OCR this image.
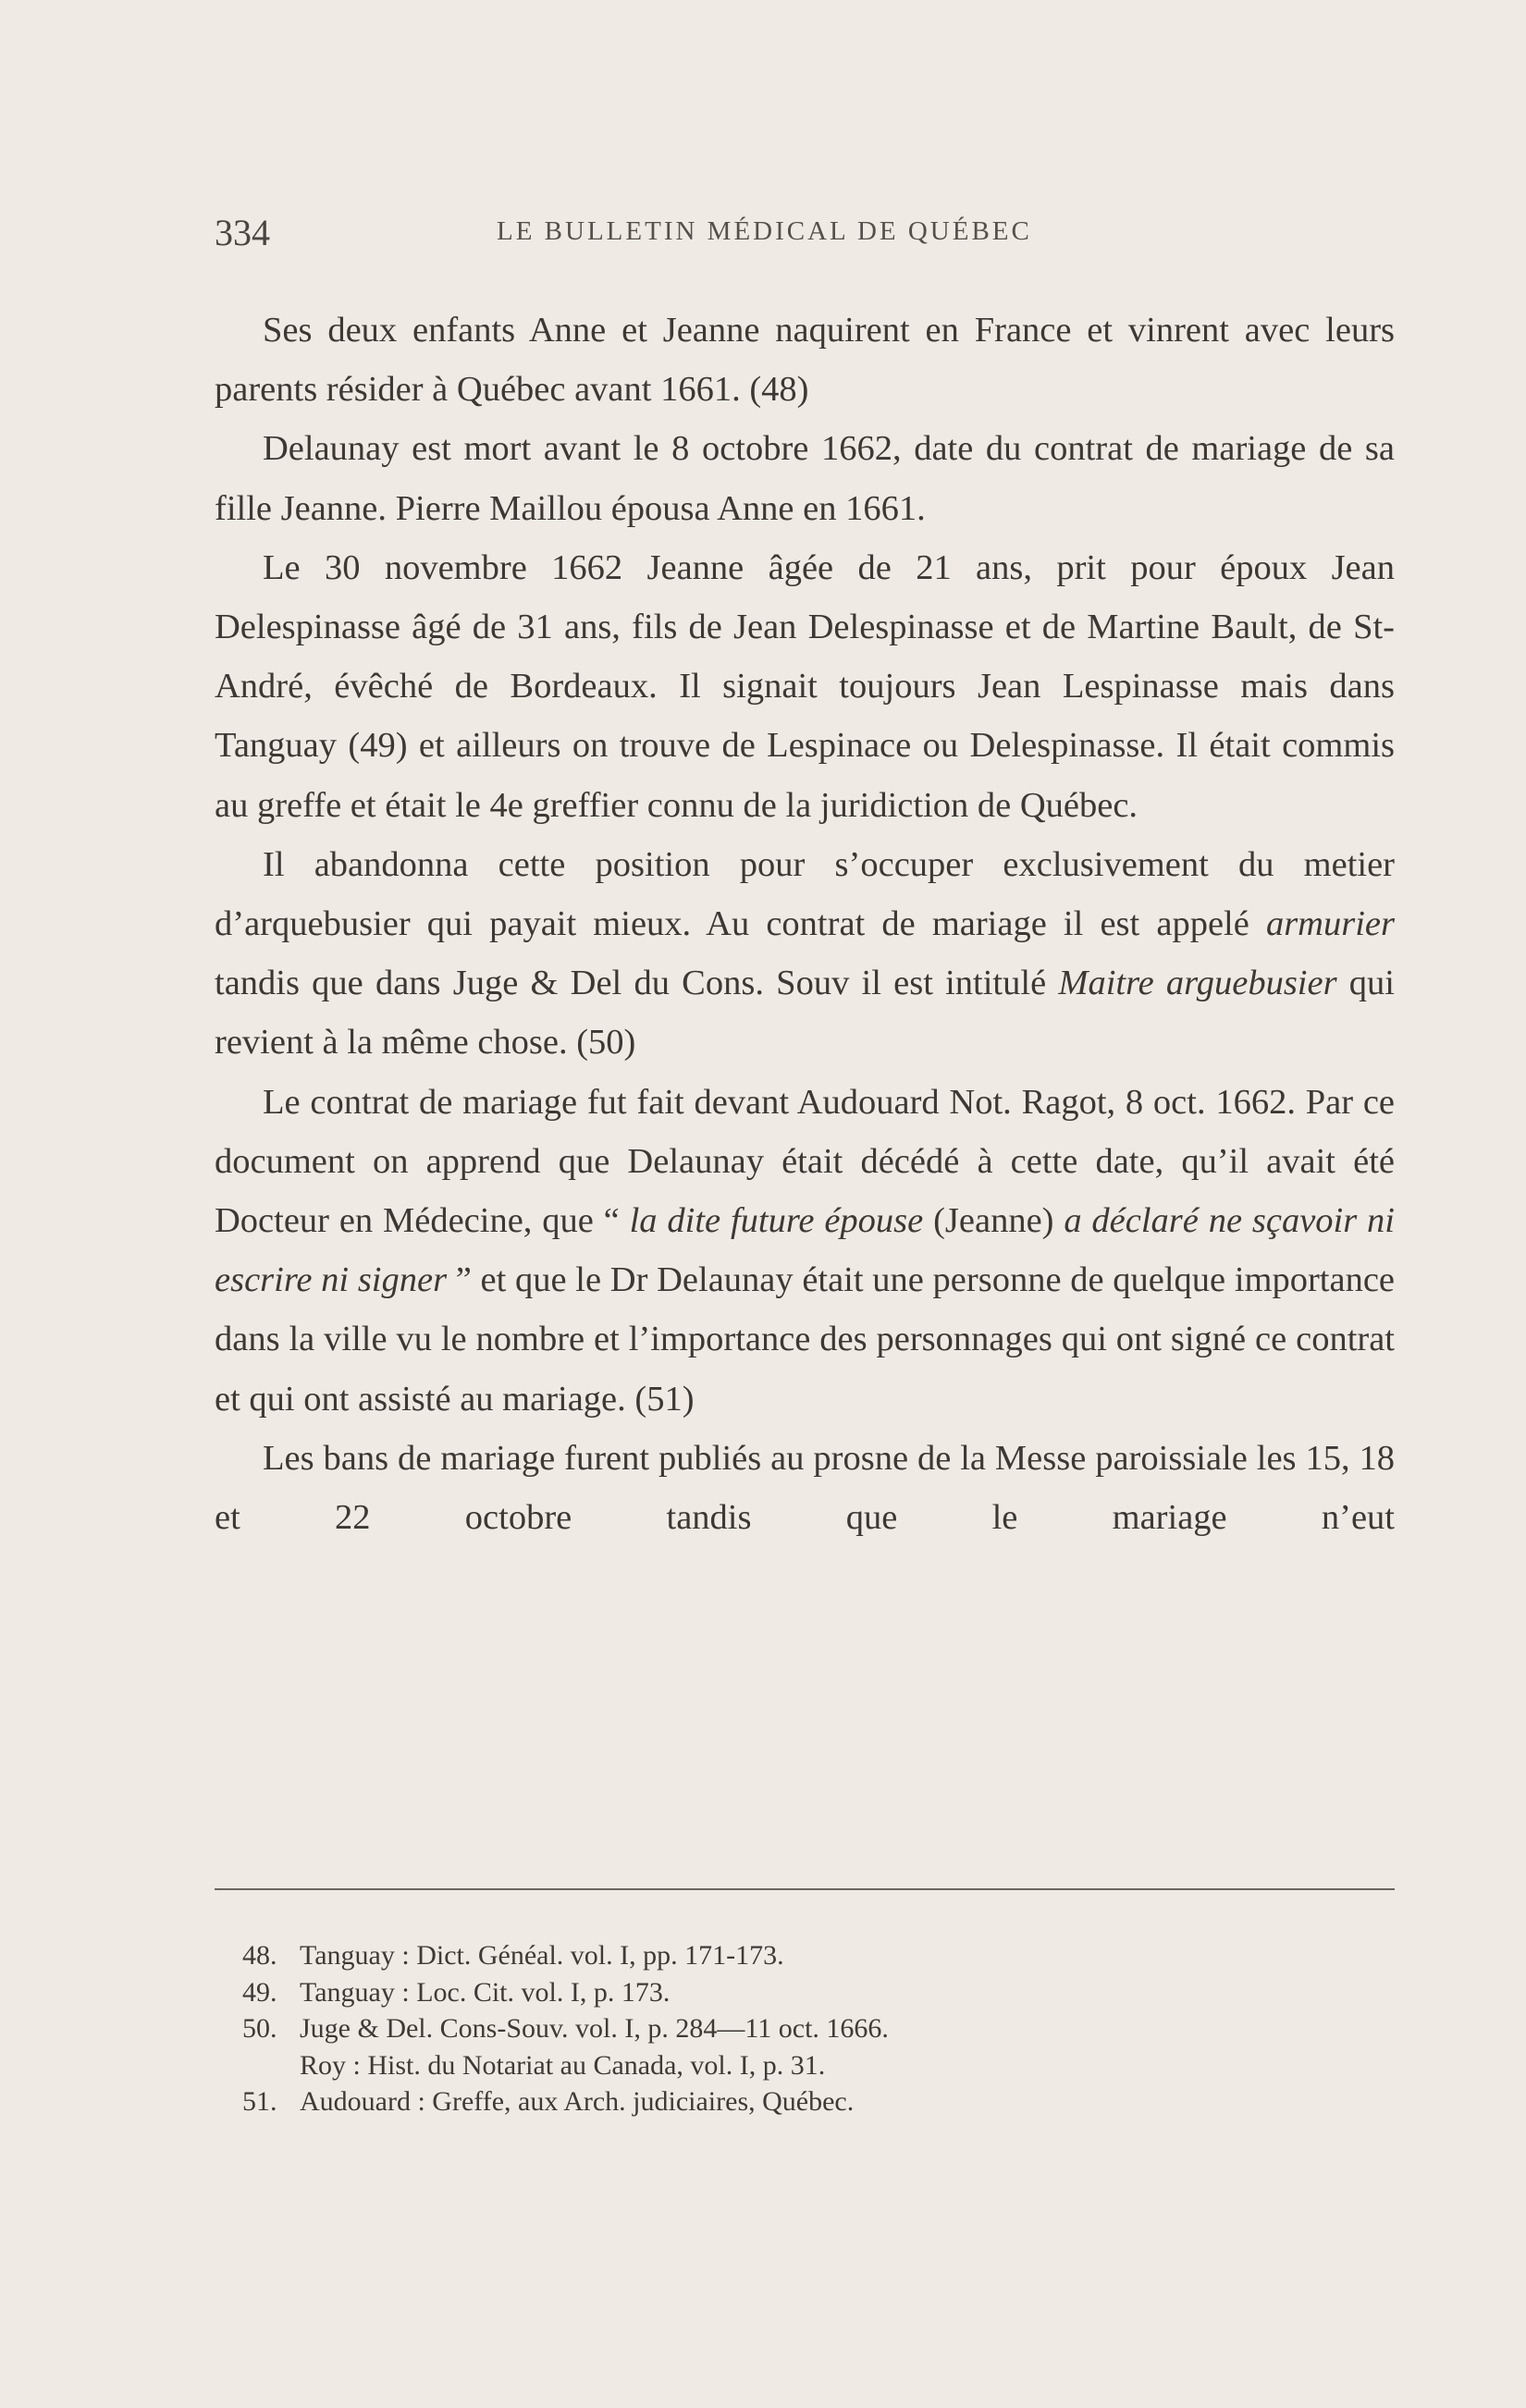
334	LE BULLETIN MÉDICAL DE QUÉBEC

Ses deux enfants Anne et Jeanne naquirent en France et vinrent avec leurs parents résider à Québec avant 1661. (48)

Delaunay est mort avant le 8 octobre 1662, date du contrat de mariage de sa fille Jeanne. Pierre Maillou épousa Anne en 1661.

Le 30 novembre 1662 Jeanne âgée de 21 ans, prit pour époux Jean Delespinasse âgé de 31 ans, fils de Jean Delespinasse et de Martine Bault, de St-André, évêché de Bordeaux. Il signait toujours Jean Lespinasse mais dans Tanguay (49) et ailleurs on trouve de Lespinace ou Delespinasse. Il était commis au greffe et était le 4e greffier connu de la juridiction de Québec.

Il abandonna cette position pour s’occuper exclusivement du metier d’arquebusier qui payait mieux. Au contrat de mariage il est appelé armurier tandis que dans Juge & Del du Cons. Souv il est intitulé Maitre arguebusier qui revient à la même chose. (50)

Le contrat de mariage fut fait devant Audouard Not. Ragot, 8 oct. 1662. Par ce document on apprend que Delaunay était décédé à cette date, qu’il avait été Docteur en Médecine, que “ la dite future épouse (Jeanne) a déclaré ne sçavoir ni escrire ni signer ” et que le Dr Delaunay était une personne de quelque importance dans la ville vu le nombre et l’importance des personnages qui ont signé ce contrat et qui ont assisté au mariage. (51)

Les bans de mariage furent publiés au prosne de la Messe paroissiale les 15, 18 et 22 octobre tandis que le mariage n’eut

48. Tanguay : Dict. Généal. vol. I, pp. 171-173.

49. Tanguay : Loc. Cit. vol. I, p. 173.

50. Juge & Del. Cons-Souv. vol. I, p. 284—11 oct. 1666.

Roy : Hist. du Notariat au Canada, vol. I, p. 31.

51. Audouard : Greffe, aux Arch. judiciaires, Québec.
